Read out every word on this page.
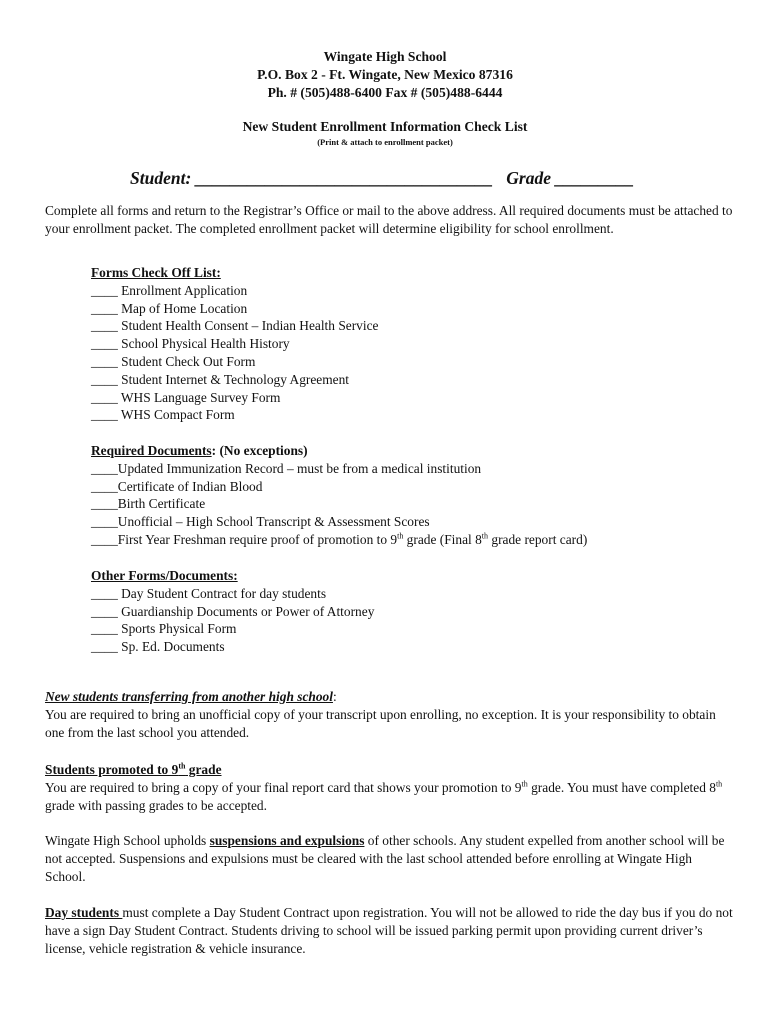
Wingate High School
P.O. Box 2 - Ft. Wingate, New Mexico 87316
Ph. # (505)488-6400 Fax # (505)488-6444
New Student Enrollment Information Check List
(Print & attach to enrollment packet)
Student: __________________________________ Grade _________
Complete all forms and return to the Registrar’s Office or mail to the above address. All required documents must be attached to your enrollment packet. The completed enrollment packet will determine eligibility for school enrollment.
Forms Check Off List:
____ Enrollment Application
____ Map of Home Location
____ Student Health Consent – Indian Health Service
____ School Physical Health History
____ Student Check Out Form
____ Student Internet & Technology Agreement
____ WHS Language Survey Form
____ WHS Compact Form
Required Documents: (No exceptions)
____Updated Immunization Record – must be from a medical institution
____Certificate of Indian Blood
____Birth Certificate
____Unofficial – High School Transcript & Assessment Scores
____First Year Freshman require proof of promotion to 9th grade (Final 8th grade report card)
Other Forms/Documents:
____ Day Student Contract for day students
____ Guardianship Documents or Power of Attorney
____ Sports Physical Form
____ Sp. Ed. Documents
New students transferring from another high school:
You are required to bring an unofficial copy of your transcript upon enrolling, no exception. It is your responsibility to obtain one from the last school you attended.
Students promoted to 9th grade
You are required to bring a copy of your final report card that shows your promotion to 9th grade. You must have completed 8th grade with passing grades to be accepted.
Wingate High School upholds suspensions and expulsions of other schools. Any student expelled from another school will be not accepted. Suspensions and expulsions must be cleared with the last school attended before enrolling at Wingate High School.
Day students must complete a Day Student Contract upon registration. You will not be allowed to ride the day bus if you do not have a sign Day Student Contract. Students driving to school will be issued parking permit upon providing current driver’s license, vehicle registration & vehicle insurance.
